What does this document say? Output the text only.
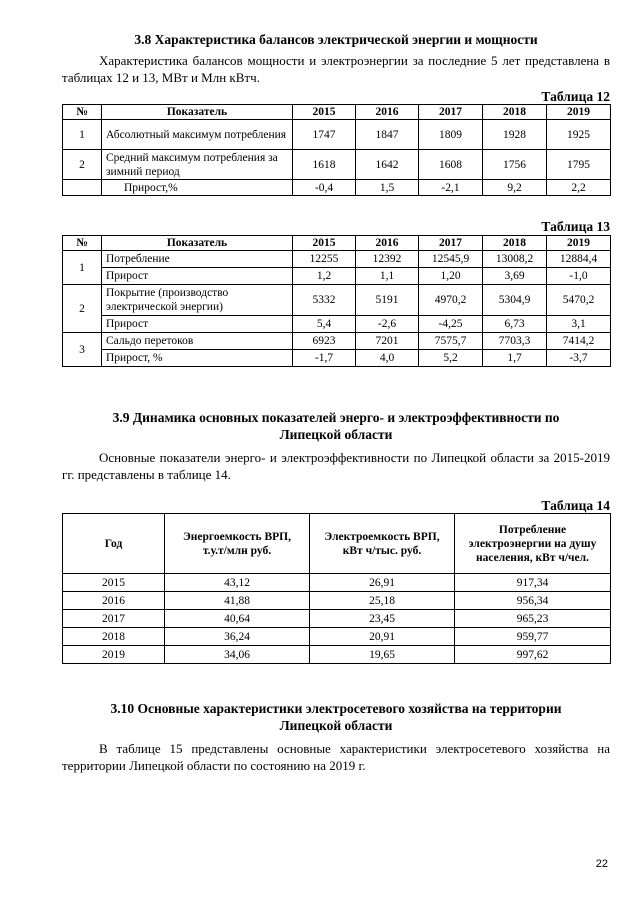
3.8 Характеристика балансов электрической энергии и мощности

Характеристика балансов мощности и электроэнергии за последние 5 лет представлена в таблицах 12 и 13, МВт и Млн кВтч.

Таблица 12
№	Показатель	2015	2016	2017	2018	2019
1	Абсолютный максимум потребления	1747	1847	1809	1928	1925
2	Средний максимум потребления за зимний период	1618	1642	1608	1756	1795
	Прирост,%	-0,4	1,5	-2,1	9,2	2,2
Таблица 13
№	Показатель	2015	2016	2017	2018	2019
1	Потребление	12255	12392	12545,9	13008,2	12884,4
	Прирост	1,2	1,1	1,20	3,69	-1,0
2	Покрытие (производство электрической энергии)	5332	5191	4970,2	5304,9	5470,2
	Прирост	5,4	-2,6	-4,25	6,73	3,1
3	Сальдо перетоков	6923	7201	7575,7	7703,3	7414,2
	Прирост, %	-1,7	4,0	5,2	1,7	-3,7
3.9 Динамика основных показателей энерго- и электроэффективности по
Липецкой области

Основные показатели энерго- и электроэффективности по Липецкой области за 2015-2019 гг. представлены в таблице 14.

Таблица 14
Год	Энергоемкость ВРП, т.у.т/млн руб.	Электроемкость ВРП, кВт ч/тыс. руб.	Потребление электроэнергии на душу населения, кВт ч/чел.
2015	43,12	26,91	917,34
2016	41,88	25,18	956,34
2017	40,64	23,45	965,23
2018	36,24	20,91	959,77
2019	34,06	19,65	997,62
3.10 Основные характеристики электросетевого хозяйства на территории
Липецкой области

В таблице 15 представлены основные характеристики электросетевого хозяйства на территории Липецкой области по состоянию на 2019 г.

22
